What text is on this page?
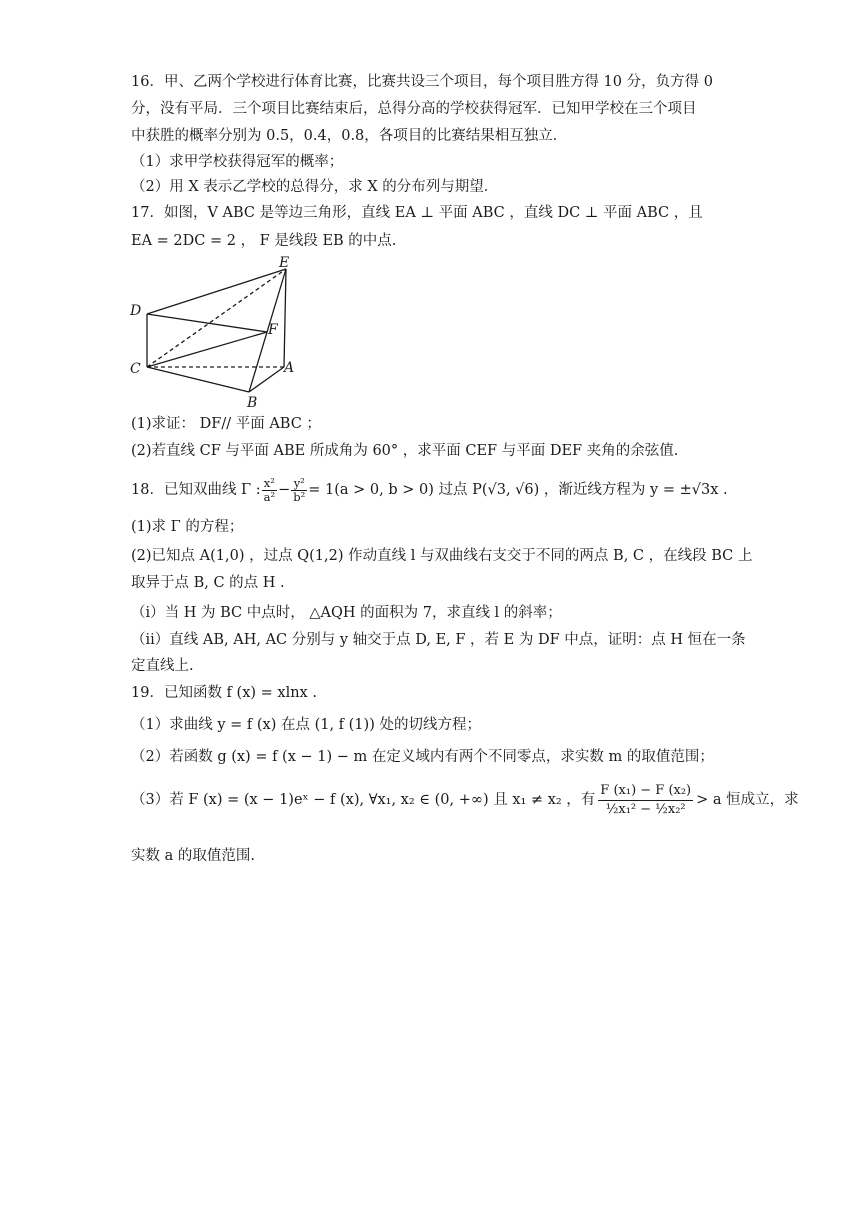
16．甲、乙两个学校进行体育比赛，比赛共设三个项目，每个项目胜方得 10 分，负方得 0
分，没有平局．三个项目比赛结束后，总得分高的学校获得冠军．已知甲学校在三个项目
中获胜的概率分别为 0.5，0.4，0.8，各项目的比赛结果相互独立．
（1）求甲学校获得冠军的概率；
（2）用 X 表示乙学校的总得分，求 X 的分布列与期望．
17．如图，V ABC 是等边三角形，直线 EA ⊥ 平面 ABC ，直线 DC ⊥ 平面 ABC ，且
EA = 2DC = 2 ， F 是线段 EB 的中点.
E
D
F
C	A
B
(1)求证： DF// 平面 ABC ；
(2)若直线 CF 与平面 ABE 所成角为 60° ，求平面 CEF 与平面 DEF 夹角的余弦值.
18．已知双曲线 Γ : $\frac{\text{x²}}{\text{a²}} - \frac{\text{y²}}{\text{b²}} = 1(a > 0$, b > 0) 过点 P(√3, √6) ，渐近线方程为 y = ±√3x .
(1)求 Γ 的方程；
(2)已知点 A(1,0) ，过点 Q(1,2) 作动直线 l 与双曲线右支交于不同的两点 B, C ，在线段 BC 上
取异于点 B, C 的点 H .
（i）当 H 为 BC 中点时， △AQH 的面积为 7，求直线 l 的斜率；
（ii）直线 AB, AH, AC 分别与 y 轴交于点 D, E, F ，若 E 为 DF 中点，证明：点 H 恒在一条
定直线上.
19．已知函数 f (x) = xlnx .
（1）求曲线 y = f (x) 在点 (1, f (1)) 处的切线方程；
（2）若函数 g (x) = f (x − 1) − m 在定义域内有两个不同零点，求实数 m 的取值范围；
（3）若 F (x) = (x − 1)eˣ − f (x), ∀x₁, x₂ ∈ (0, +∞) 且 x₁ ≠ x₂ ，有 $\frac{\text{F (x₁) − F (x₂)}}{\text{½x₁² − ½x₂²}} > a$ 恒成立，求
实数 a 的取值范围.
